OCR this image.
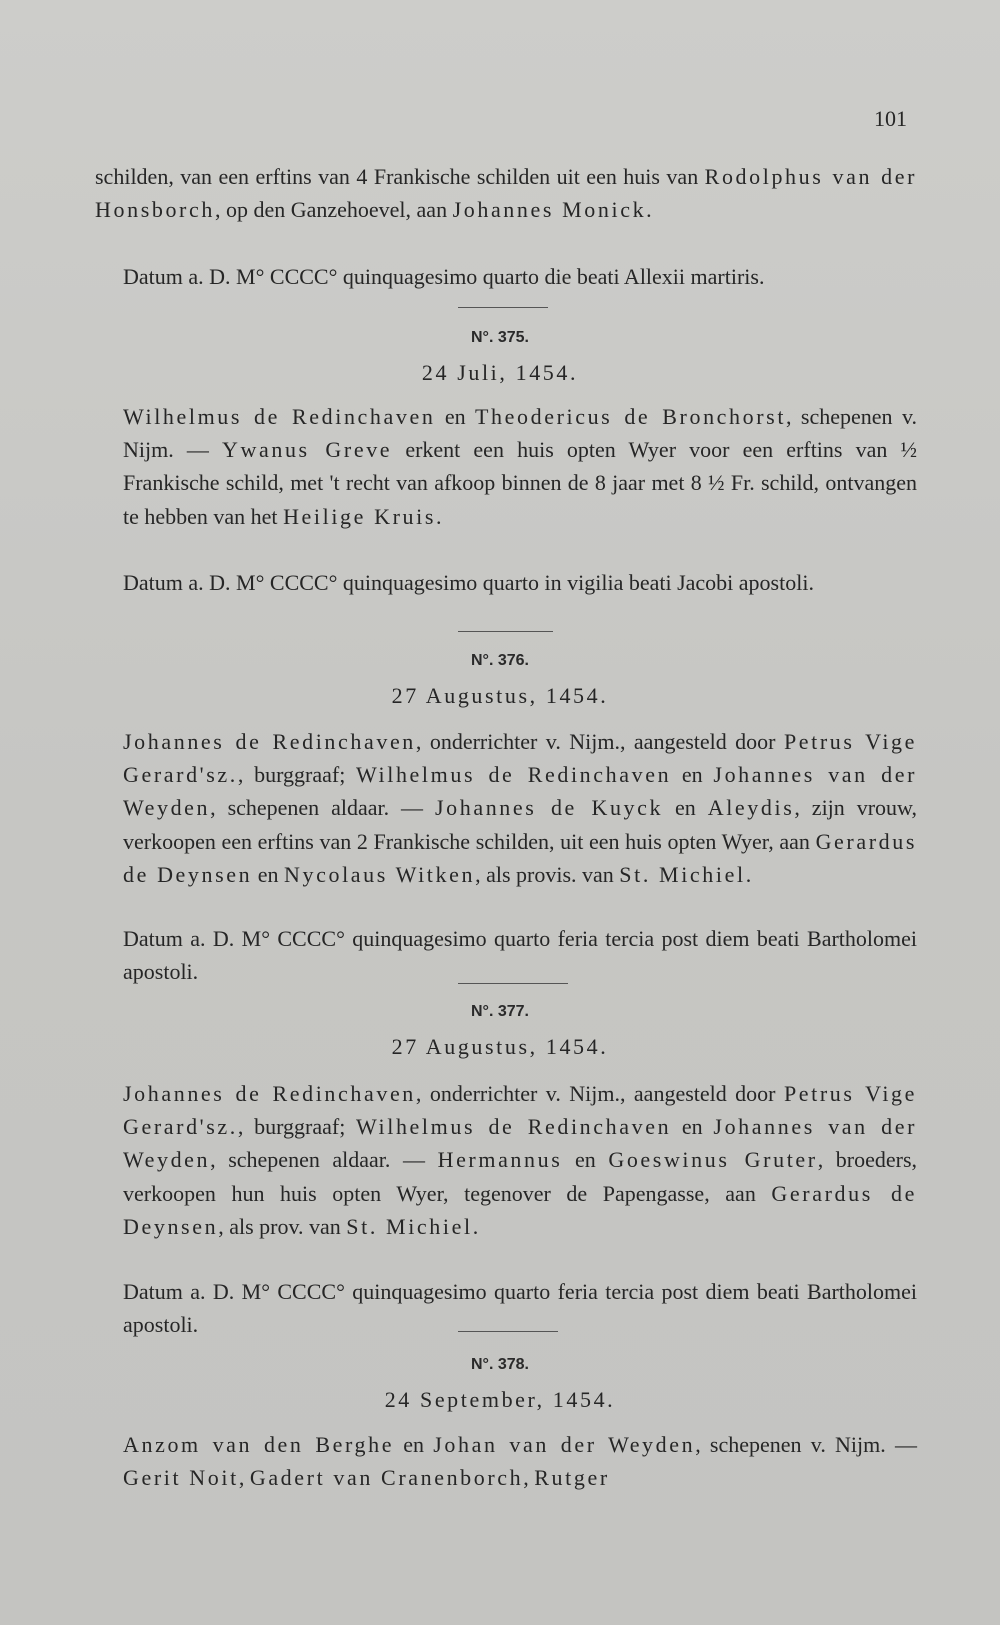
101
schilden, van een erftins van 4 Frankische schilden uit een huis van Rodolphus van der Honsborch, op den Ganzehoevel, aan Johannes Monick.
Datum a. D. M° CCCC° quinquagesimo quarto die beati Allexii martiris.
N°. 375.
24 Juli, 1454.
Wilhelmus de Redinchaven en Theodericus de Bronchorst, schepenen v. Nijm. — Ywanus Greve erkent een huis opten Wyer voor een erftins van ½ Frankische schild, met 't recht van afkoop binnen de 8 jaar met 8 ½ Fr. schild, ontvangen te hebben van het Heilige Kruis.
Datum a. D. M° CCCC° quinquagesimo quarto in vigilia beati Jacobi apostoli.
N°. 376.
27 Augustus, 1454.
Johannes de Redinchaven, onderrichter v. Nijm., aangesteld door Petrus Vige Gerard'sz., burggraaf; Wilhelmus de Redinchaven en Johannes van der Weyden, schepenen aldaar. — Johannes de Kuyck en Aleydis, zijn vrouw, verkoopen een erftins van 2 Frankische schilden, uit een huis opten Wyer, aan Gerardus de Deynsen en Nycolaus Witken, als provis. van St. Michiel.
Datum a. D. M° CCCC° quinquagesimo quarto feria tercia post diem beati Bartholomei apostoli.
N°. 377.
27 Augustus, 1454.
Johannes de Redinchaven, onderrichter v. Nijm., aangesteld door Petrus Vige Gerard'sz., burggraaf; Wilhelmus de Redinchaven en Johannes van der Weyden, schepenen aldaar. — Hermannus en Goeswinus Gruter, broeders, verkoopen hun huis opten Wyer, tegenover de Papengasse, aan Gerardus de Deynsen, als prov. van St. Michiel.
Datum a. D. M° CCCC° quinquagesimo quarto feria tercia post diem beati Bartholomei apostoli.
N°. 378.
24 September, 1454.
Anzom van den Berghe en Johan van der Weyden, schepenen v. Nijm. — Gerit Noit, Gadert van Cranenborch, Rutger
